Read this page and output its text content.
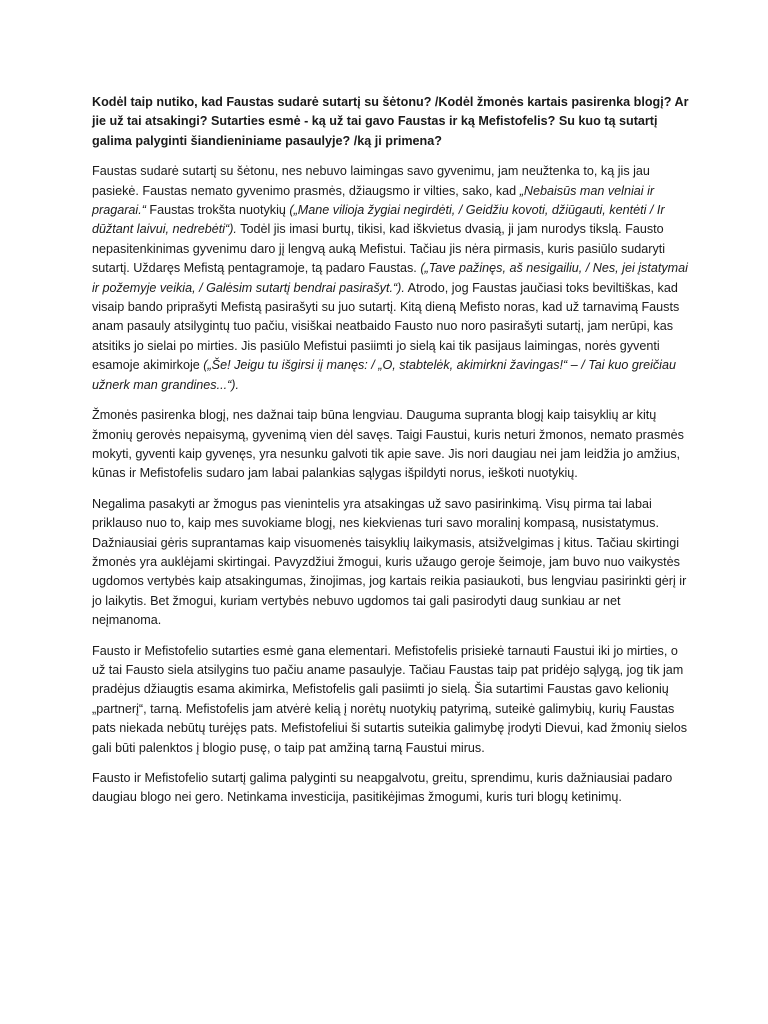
Kodėl taip nutiko, kad Faustas sudarė sutartį su šėtonu? /Kodėl žmonės kartais pasirenka blogį? Ar jie už tai atsakingi? Sutarties esmė - ką už tai gavo Faustas ir ką Mefistofelis? Su kuo tą sutartį galima palyginti šiandieniniame pasaulyje? /ką ji primena?

Faustas sudarė sutartį su šėtonu, nes nebuvo laimingas savo gyvenimu, jam neužtenka to, ką jis jau pasiekė. Faustas nemato gyvenimo prasmės, džiaugsmo ir vilties, sako, kad „Nebaisūs man velniai ir pragarai.“ Faustas trokšta nuotykių („Mane vilioja žygiai negirdėti, / Geidžiu kovoti, džiūgauti, kentėti / Ir dūžtant laivui, nedrebėti“). Todėl jis imasi burtų, tikisi, kad iškvietus dvasią, ji jam nurodys tikslą. Fausto nepasitenkinimas gyvenimu daro jį lengvą auką Mefistui. Tačiau jis nėra pirmasis, kuris pasiūlo sudaryti sutartį. Uždaręs Mefistą pentagramoje, tą padaro Faustas. („Tave pažinęs, aš nesigailiu, / Nes, jei įstatymai ir požemyje veikia, / Galėsim sutartį bendrai pasirašyt.“). Atrodo, jog Faustas jaučiasi toks beviltiškas, kad visaip bando priprašyti Mefistą pasirašyti su juo sutartį. Kitą dieną Mefisto noras, kad už tarnavimą Fausts anam pasauly atsilygintų tuo pačiu, visiškai neatbaido Fausto nuo noro pasirašyti sutartį, jam nerūpi, kas atsitiks jo sielai po mirties. Jis pasiūlo Mefistui pasiimti jo sielą kai tik pasijaus laimingas, norės gyventi esamoje akimirkoje („Še! Jeigu tu išgirsi iį manęs: / „O, stabtelėk, akimirkni žavingas!“ – / Tai kuo greičiau užnerk man grandines...“).

Žmonės pasirenka blogį, nes dažnai taip būna lengviau. Dauguma supranta blogį kaip taisyklių ar kitų žmonių gerovės nepaisymą, gyvenimą vien dėl savęs. Taigi Faustui, kuris neturi žmonos, nemato prasmės mokyti, gyventi kaip gyvenęs, yra nesunku galvoti tik apie save. Jis nori daugiau nei jam leidžia jo amžius, kūnas ir Mefistofelis sudaro jam labai palankias sąlygas išpildyti norus, ieškoti nuotykių.

Negalima pasakyti ar žmogus pas vienintelis yra atsakingas už savo pasirinkimą. Visų pirma tai labai priklauso nuo to, kaip mes suvokiame blogį, nes kiekvienas turi savo moralinį kompasą, nusistatymus. Dažniausiai gėris suprantamas kaip visuomenės taisyklių laikymasis, atsižvelgimas į kitus. Tačiau skirtingi žmonės yra auklėjami skirtingai. Pavyzdžiui žmogui, kuris užaugo geroje šeimoje, jam buvo nuo vaikystės ugdomos vertybės kaip atsakingumas, žinojimas, jog kartais reikia pasiaukoti, bus lengviau pasirinkti gėrį ir jo laikytis. Bet žmogui, kuriam vertybės nebuvo ugdomos tai gali pasirodyti daug sunkiau ar net neįmanoma.

Fausto ir Mefistofelio sutarties esmė gana elementari. Mefistofelis prisiekė tarnauti Faustui iki jo mirties, o už tai Fausto siela atsilygins tuo pačiu aname pasaulyje. Tačiau Faustas taip pat pridėjo sąlygą, jog tik jam pradėjus džiaugtis esama akimirka, Mefistofelis gali pasiimti jo sielą. Šia sutartimi Faustas gavo kelionių „partnerį“, tarną. Mefistofelis jam atvėrė kelią į norėtų nuotykių patyrimą, suteikė galimybių, kurių Faustas pats niekada nebūtų turėjęs pats. Mefistofeliui ši sutartis suteikia galimybę įrodyti Dievui, kad žmonių sielos gali būti palenktos į blogio pusę, o taip pat amžiną tarną Faustui mirus.

Fausto ir Mefistofelio sutartį galima palyginti su neapgalvotu, greitu, sprendimu, kuris dažniausiai padaro daugiau blogo nei gero. Netinkama investicija, pasitikėjimas žmogumi, kuris turi blogų ketinimų.
